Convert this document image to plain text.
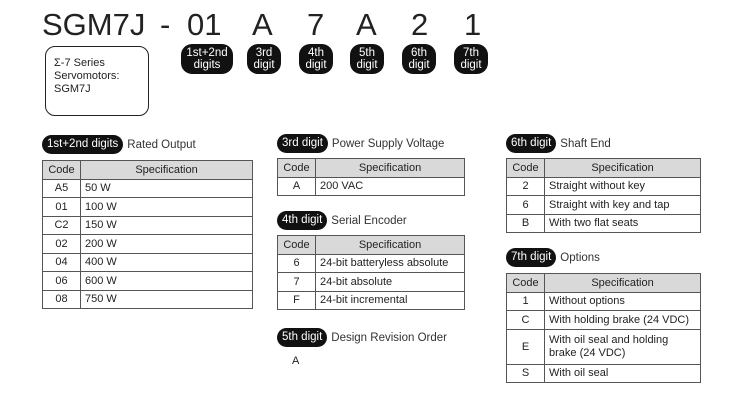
SGM7J - 01 A 7 A 2 1
1st+2nd
digits
3rd
digit
4th
digit
5th
digit
6th
digit
7th
digit
Σ-7 Series
Servomotors:
SGM7J
1st+2nd digits Rated Output
Code	Specification
A5	50 W
01	100 W
C2	150 W
02	200 W
04	400 W
06	600 W
08	750 W
3rd digit Power Supply Voltage
Code	Specification
A	200 VAC
4th digit Serial Encoder
Code	Specification
6	24-bit batteryless absolute
7	24-bit absolute
F	24-bit incremental
5th digit Design Revision Order
A
6th digit Shaft End
Code	Specification
2	Straight without key
6	Straight with key and tap
B	With two flat seats
7th digit Options
Code	Specification
1	Without options
C	With holding brake (24 VDC)
E	With oil seal and holding brake (24 VDC)
S	With oil seal
